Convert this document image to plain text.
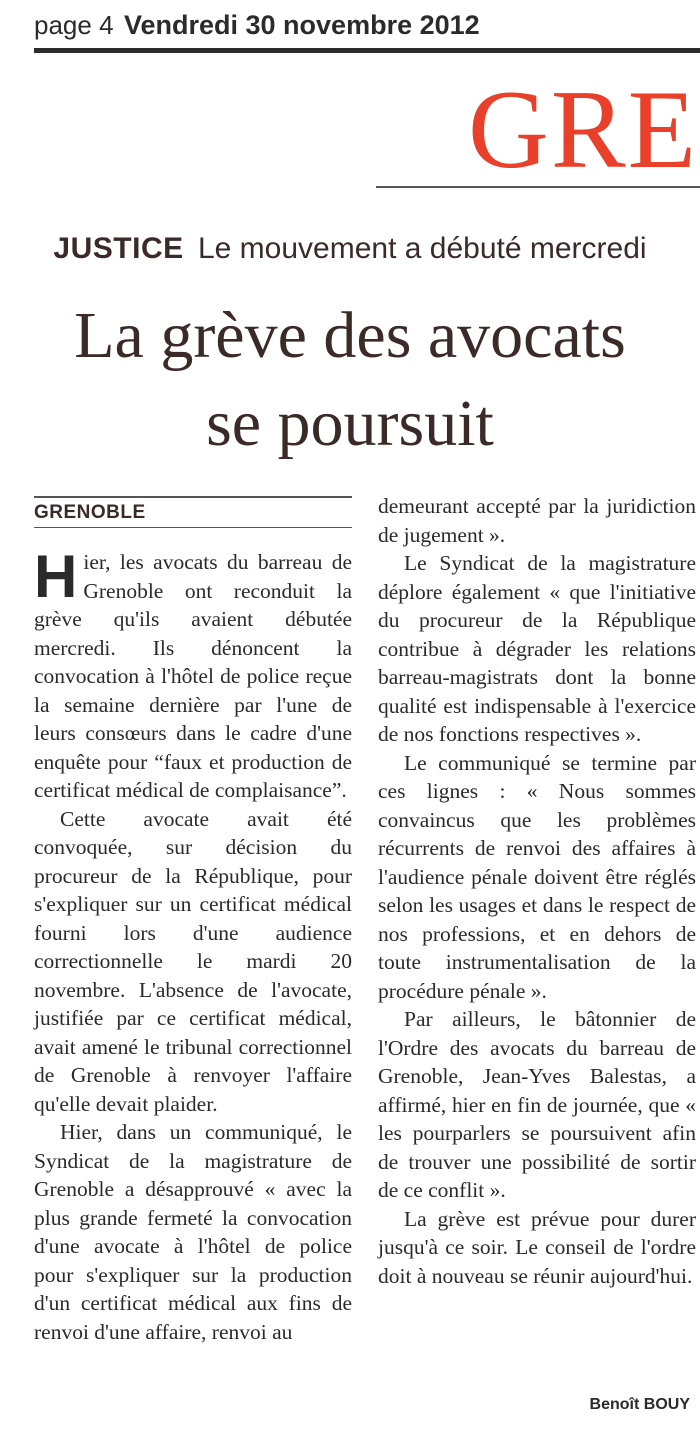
page 4 Vendredi 30 novembre 2012
GRE
JUSTICE Le mouvement a débuté mercredi
La grève des avocats
se poursuit
GRENOBLE

Hier, les avocats du barreau de Grenoble ont reconduit la grève qu'ils avaient débutée mercredi. Ils dénoncent la convocation à l'hôtel de police reçue la semaine dernière par l'une de leurs consœurs dans le cadre d'une enquête pour “faux et production de certificat médical de complaisance”.

Cette avocate avait été convoquée, sur décision du procureur de la République, pour s'expliquer sur un certificat médical fourni lors d'une audience correctionnelle le mardi 20 novembre. L'absence de l'avocate, justifiée par ce certificat médical, avait amené le tribunal correctionnel de Grenoble à renvoyer l'affaire qu'elle devait plaider.

Hier, dans un communiqué, le Syndicat de la magistrature de Grenoble a désapprouvé « avec la plus grande fermeté la convocation d'une avocate à l'hôtel de police pour s'expliquer sur la production d'un certificat médical aux fins de renvoi d'une affaire, renvoi au

demeurant accepté par la juridiction de jugement ».

Le Syndicat de la magistrature déplore également « que l'initiative du procureur de la République contribue à dégrader les relations barreau-magistrats dont la bonne qualité est indispensable à l'exercice de nos fonctions respectives ».

Le communiqué se termine par ces lignes : « Nous sommes convaincus que les problèmes récurrents de renvoi des affaires à l'audience pénale doivent être réglés selon les usages et dans le respect de nos professions, et en dehors de toute instrumentalisation de la procédure pénale ».

Par ailleurs, le bâtonnier de l'Ordre des avocats du barreau de Grenoble, Jean-Yves Balestas, a affirmé, hier en fin de journée, que « les pourparlers se poursuivent afin de trouver une possibilité de sortir de ce conflit ».

La grève est prévue pour durer jusqu'à ce soir. Le conseil de l'ordre doit à nouveau se réunir aujourd'hui.

Benoît BOUY
